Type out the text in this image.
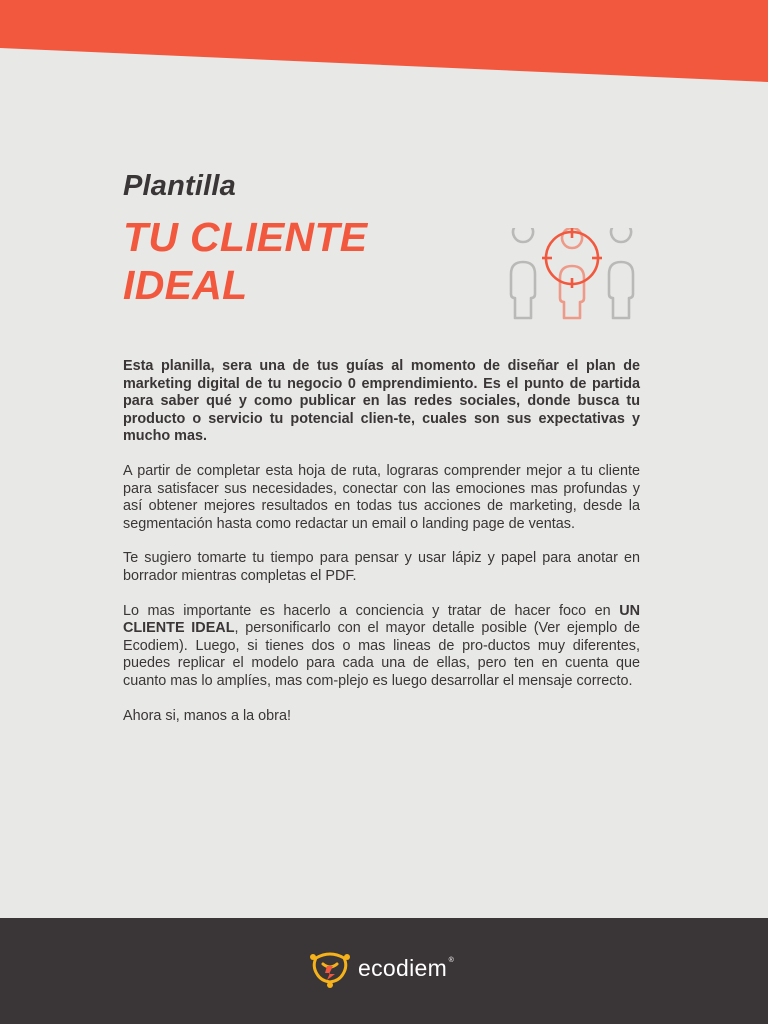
Plantilla
TU CLIENTE
IDEAL

Esta planilla, sera una de tus guías al momento de diseñar el plan de marketing digital de tu negocio 0 emprendimiento. Es el punto de partida para saber qué y como publicar en las redes sociales, donde busca tu producto o servicio tu potencial clien-te, cuales son sus expectativas y mucho mas.

A partir de completar esta hoja de ruta, lograras comprender mejor a tu cliente para satisfacer sus necesidades, conectar con las emociones mas profundas y así obtener mejores resultados en todas tus acciones de marketing, desde la segmentación hasta como redactar un email o landing page de ventas.

Te sugiero tomarte tu tiempo para pensar y usar lápiz y papel para anotar en borrador mientras completas el PDF.

Lo mas importante es hacerlo a conciencia y tratar de hacer foco en UN CLIENTE IDEAL, personificarlo con el mayor detalle posible (Ver ejemplo de Ecodiem). Luego, si tienes dos o mas lineas de pro-ductos muy diferentes, puedes replicar el modelo para cada una de ellas, pero ten en cuenta que cuanto mas lo amplíes, mas com-plejo es luego desarrollar el mensaje correcto.

Ahora si, manos a la obra!

ecodiem ®
